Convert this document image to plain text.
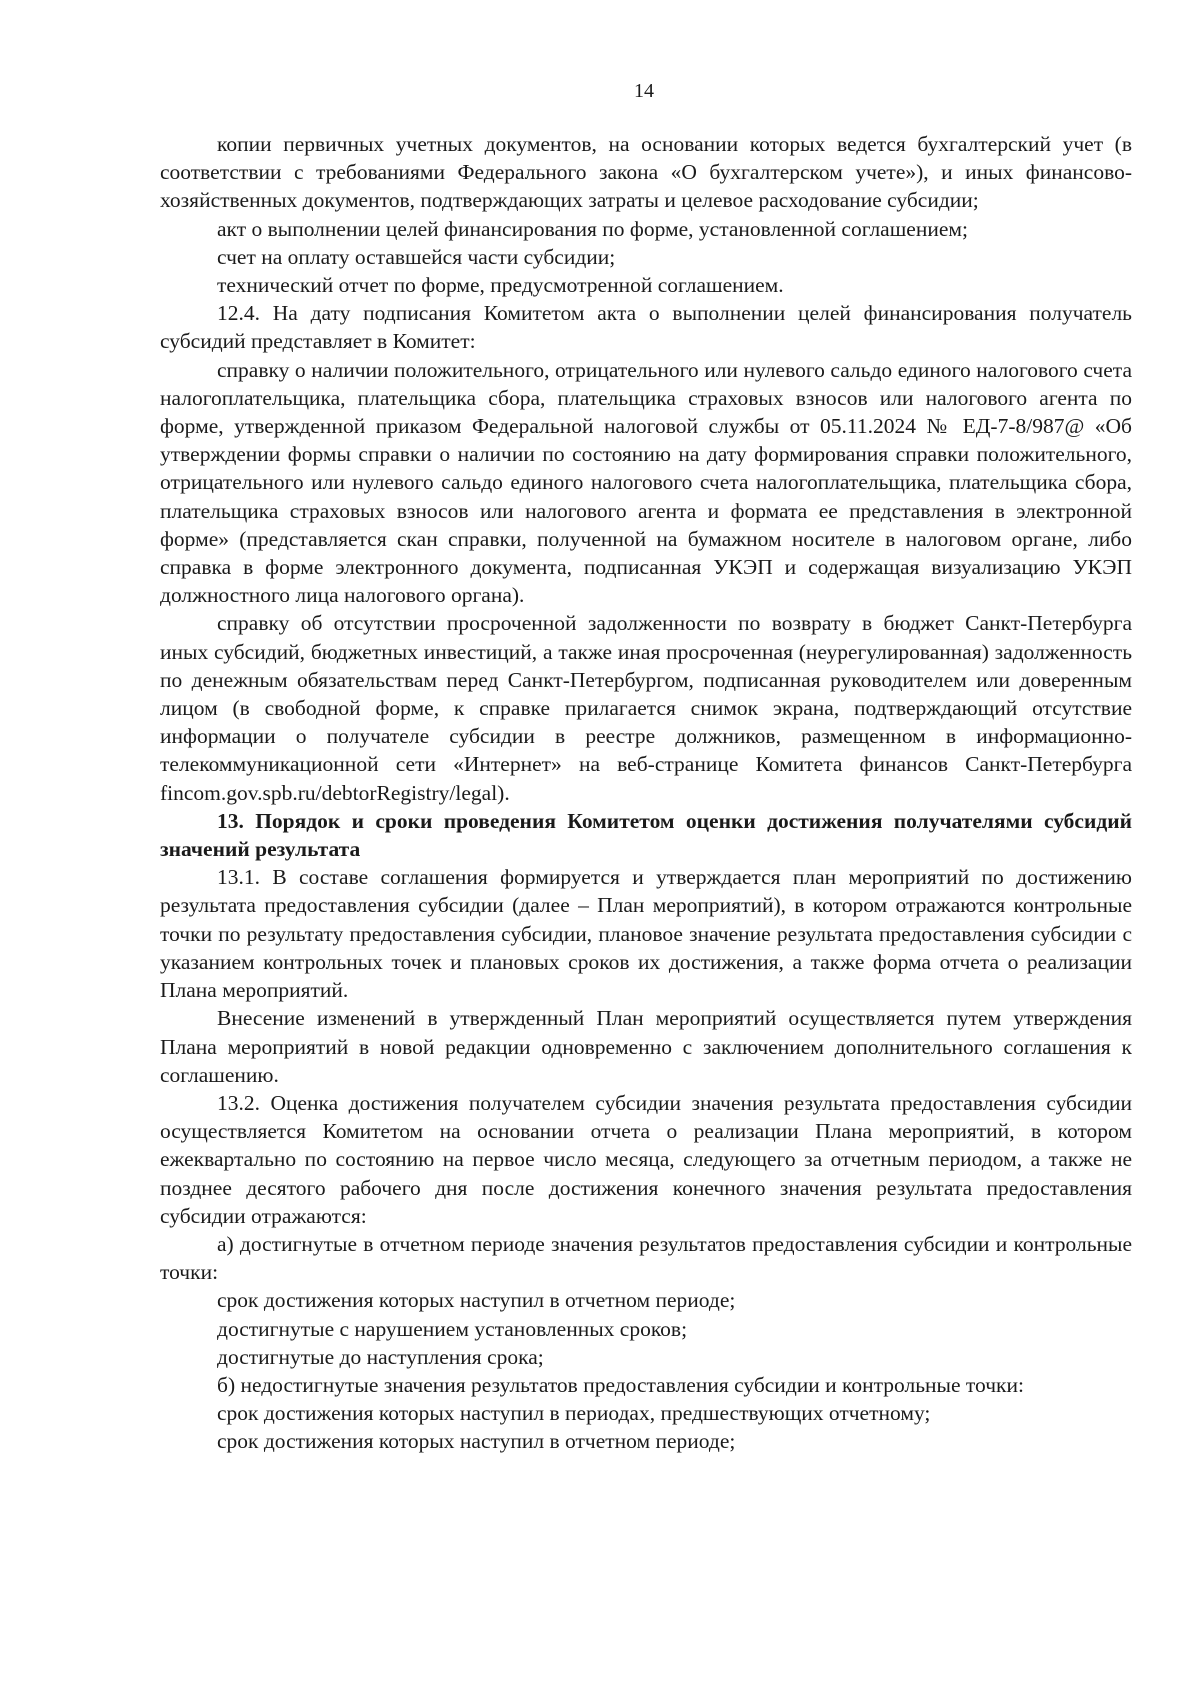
14

копии первичных учетных документов, на основании которых ведется бухгалтерский учет (в соответствии с требованиями Федерального закона «О бухгалтерском учете»), и иных финансово-хозяйственных документов, подтверждающих затраты и целевое расходование субсидии;

акт о выполнении целей финансирования по форме, установленной соглашением;

счет на оплату оставшейся части субсидии;

технический отчет по форме, предусмотренной соглашением.

12.4. На дату подписания Комитетом акта о выполнении целей финансирования получатель субсидий представляет в Комитет:

справку о наличии положительного, отрицательного или нулевого сальдо единого налогового счета налогоплательщика, плательщика сбора, плательщика страховых взносов или налогового агента по форме, утвержденной приказом Федеральной налоговой службы от 05.11.2024 № ЕД-7-8/987@ «Об утверждении формы справки о наличии по состоянию на дату формирования справки положительного, отрицательного или нулевого сальдо единого налогового счета налогоплательщика, плательщика сбора, плательщика страховых взносов или налогового агента и формата ее представления в электронной форме» (представляется скан справки, полученной на бумажном носителе в налоговом органе, либо справка в форме электронного документа, подписанная УКЭП и содержащая визуализацию УКЭП должностного лица налогового органа).

справку об отсутствии просроченной задолженности по возврату в бюджет Санкт-Петербурга иных субсидий, бюджетных инвестиций, а также иная просроченная (неурегулированная) задолженность по денежным обязательствам перед Санкт-Петербургом, подписанная руководителем или доверенным лицом (в свободной форме, к справке прилагается снимок экрана, подтверждающий отсутствие информации о получателе субсидии в реестре должников, размещенном в информационно-телекоммуникационной сети «Интернет» на веб-странице Комитета финансов Санкт-Петербурга fincom.gov.spb.ru/debtorRegistry/legal).

13. Порядок и сроки проведения Комитетом оценки достижения получателями субсидий значений результата

13.1. В составе соглашения формируется и утверждается план мероприятий по достижению результата предоставления субсидии (далее – План мероприятий), в котором отражаются контрольные точки по результату предоставления субсидии, плановое значение результата предоставления субсидии с указанием контрольных точек и плановых сроков их достижения, а также форма отчета о реализации Плана мероприятий.

Внесение изменений в утвержденный План мероприятий осуществляется путем утверждения Плана мероприятий в новой редакции одновременно с заключением дополнительного соглашения к соглашению.

13.2. Оценка достижения получателем субсидии значения результата предоставления субсидии осуществляется Комитетом на основании отчета о реализации Плана мероприятий, в котором ежеквартально по состоянию на первое число месяца, следующего за отчетным периодом, а также не позднее десятого рабочего дня после достижения конечного значения результата предоставления субсидии отражаются:

а) достигнутые в отчетном периоде значения результатов предоставления субсидии и контрольные точки:

срок достижения которых наступил в отчетном периоде;

достигнутые с нарушением установленных сроков;

достигнутые до наступления срока;

б) недостигнутые значения результатов предоставления субсидии и контрольные точки:

срок достижения которых наступил в периодах, предшествующих отчетному;

срок достижения которых наступил в отчетном периоде;
